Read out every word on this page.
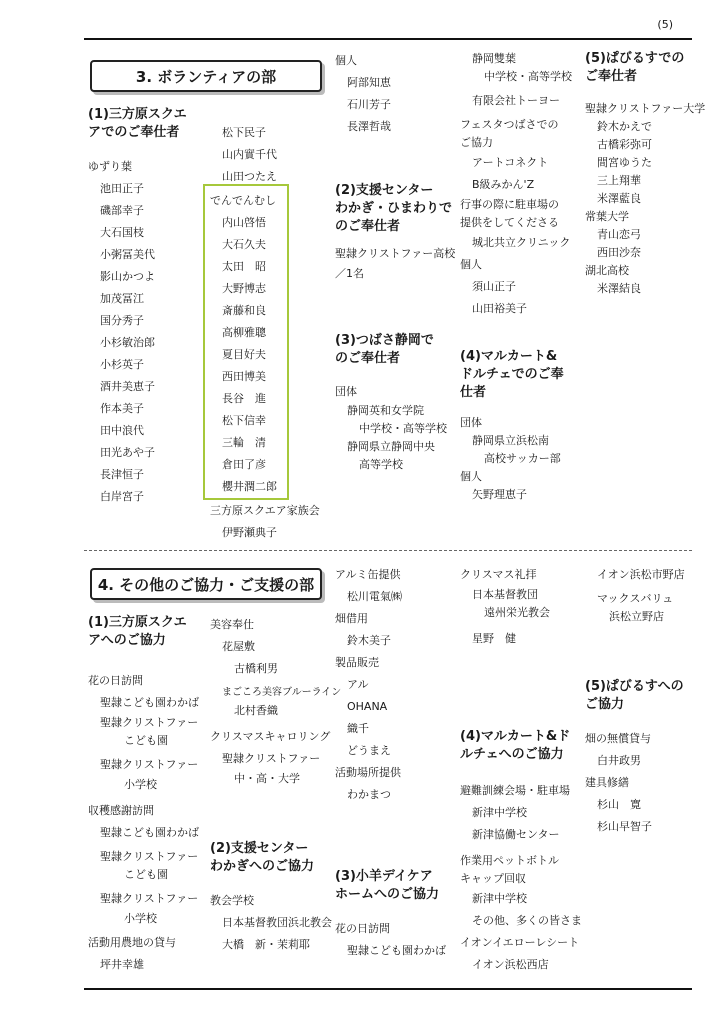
(5)
3. ボランティアの部
(1)三方原スクエ
アでのご奉仕者
ゆずり葉
池田正子
磯部幸子
大石国枝
小粥冨美代
影山かつよ
加茂冨江
国分秀子
小杉敏治郎
小杉英子
酒井美恵子
作本美子
田中浪代
田光あや子
長津恒子
白岸宮子
松下民子
山内實千代
山田つたえ
でんでんむし
内山啓悟
大石久夫
太田　昭
大野博志
斎藤和良
高柳雅聰
夏目好夫
西田博美
長谷　進
松下信幸
三輪　清
倉田了彦
櫻井潤二郎
三方原スクエア家族会
伊野瀬典子
個人
阿部知恵
石川芳子
長澤哲哉
(2)支援センター
わかぎ・ひまわりで
のご奉仕者
聖隷クリストファー高校
／1名
(3)つばさ静岡で
のご奉仕者
団体
静岡英和女学院
中学校・高等学校
静岡県立静岡中央
高等学校
静岡雙葉
中学校・高等学校
有限会社トーヨー
フェスタつばさでの
ご協力
アートコネクト
B級みかん'Z
行事の際に駐車場の
提供をしてくださる
城北共立クリニック
個人
須山正子
山田裕美子
(4)マルカート&
ドルチェでのご奉
仕者
団体
静岡県立浜松南
高校サッカー部
個人
矢野理恵子
(5)ぱびるすでの
ご奉仕者
聖隷クリストファー大学
鈴木かえで
古橋彩弥可
間宮ゆうた
三上翔華
米澤藍良
常葉大学
青山恋弓
西田沙奈
湖北高校
米澤結良
4. その他のご協力・ご支援の部
(1)三方原スクエ
アへのご協力
花の日訪問
聖隷こども園わかば
聖隷クリストファー
こども園
聖隷クリストファー
小学校
収穫感謝訪問
聖隷こども園わかば
聖隷クリストファー
こども園
聖隷クリストファー
小学校
活動用農地の貸与
坪井幸雄
美容奉仕
花屋敷
古橋利男
まごころ美容ブルーライン
北村香織
クリスマスキャロリング
聖隷クリストファー
中・高・大学
(2)支援センター
わかぎへのご協力
教会学校
日本基督教団浜北教会
大橋　新・茉莉耶
アルミ缶提供
松川電氣㈱
畑借用
鈴木美子
製品販売
アル
OHANA
織千
どうまえ
活動場所提供
わかまつ
(3)小羊デイケア
ホームへのご協力
花の日訪問
聖隷こども園わかば
クリスマス礼拝
日本基督教団
遠州栄光教会
星野　健
(4)マルカート&ド
ルチェへのご協力
避難訓練会場・駐車場
新津中学校
新津協働センター
作業用ペットボトル
キャップ回収
新津中学校
その他、多くの皆さま
イオンイエローレシート
イオン浜松西店
イオン浜松市野店
マックスバリュ
浜松立野店
(5)ぱびるすへの
ご協力
畑の無償貸与
白井政男
建具修繕
杉山　寛
杉山早智子
